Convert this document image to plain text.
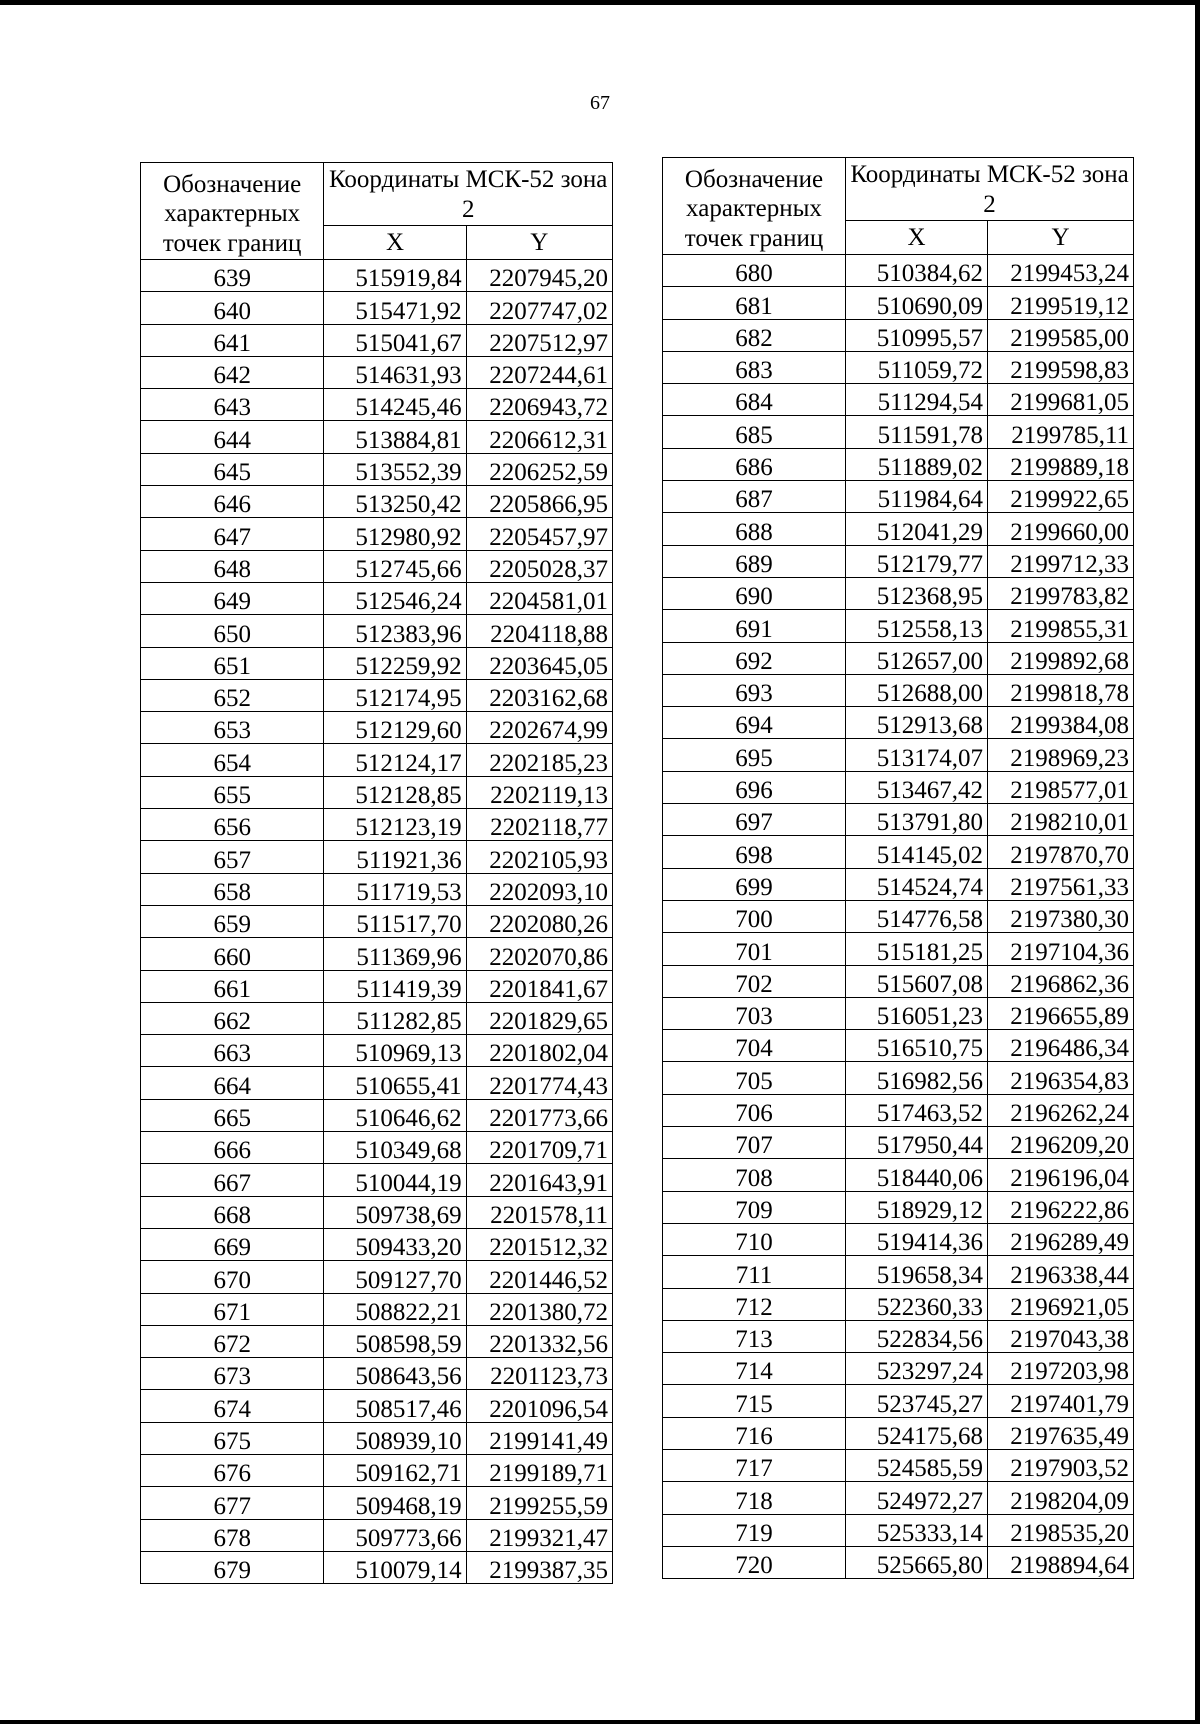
67
Обозначение характерных точек границ	Координаты МСК-52 зона 2	
	X	Y
639	515919,84	2207945,20
640	515471,92	2207747,02
641	515041,67	2207512,97
642	514631,93	2207244,61
643	514245,46	2206943,72
644	513884,81	2206612,31
645	513552,39	2206252,59
646	513250,42	2205866,95
647	512980,92	2205457,97
648	512745,66	2205028,37
649	512546,24	2204581,01
650	512383,96	2204118,88
651	512259,92	2203645,05
652	512174,95	2203162,68
653	512129,60	2202674,99
654	512124,17	2202185,23
655	512128,85	2202119,13
656	512123,19	2202118,77
657	511921,36	2202105,93
658	511719,53	2202093,10
659	511517,70	2202080,26
660	511369,96	2202070,86
661	511419,39	2201841,67
662	511282,85	2201829,65
663	510969,13	2201802,04
664	510655,41	2201774,43
665	510646,62	2201773,66
666	510349,68	2201709,71
667	510044,19	2201643,91
668	509738,69	2201578,11
669	509433,20	2201512,32
670	509127,70	2201446,52
671	508822,21	2201380,72
672	508598,59	2201332,56
673	508643,56	2201123,73
674	508517,46	2201096,54
675	508939,10	2199141,49
676	509162,71	2199189,71
677	509468,19	2199255,59
678	509773,66	2199321,47
679	510079,14	2199387,35
Обозначение характерных точек границ	Координаты МСК-52 зона 2	
	X	Y
680	510384,62	2199453,24
681	510690,09	2199519,12
682	510995,57	2199585,00
683	511059,72	2199598,83
684	511294,54	2199681,05
685	511591,78	2199785,11
686	511889,02	2199889,18
687	511984,64	2199922,65
688	512041,29	2199660,00
689	512179,77	2199712,33
690	512368,95	2199783,82
691	512558,13	2199855,31
692	512657,00	2199892,68
693	512688,00	2199818,78
694	512913,68	2199384,08
695	513174,07	2198969,23
696	513467,42	2198577,01
697	513791,80	2198210,01
698	514145,02	2197870,70
699	514524,74	2197561,33
700	514776,58	2197380,30
701	515181,25	2197104,36
702	515607,08	2196862,36
703	516051,23	2196655,89
704	516510,75	2196486,34
705	516982,56	2196354,83
706	517463,52	2196262,24
707	517950,44	2196209,20
708	518440,06	2196196,04
709	518929,12	2196222,86
710	519414,36	2196289,49
711	519658,34	2196338,44
712	522360,33	2196921,05
713	522834,56	2197043,38
714	523297,24	2197203,98
715	523745,27	2197401,79
716	524175,68	2197635,49
717	524585,59	2197903,52
718	524972,27	2198204,09
719	525333,14	2198535,20
720	525665,80	2198894,64
